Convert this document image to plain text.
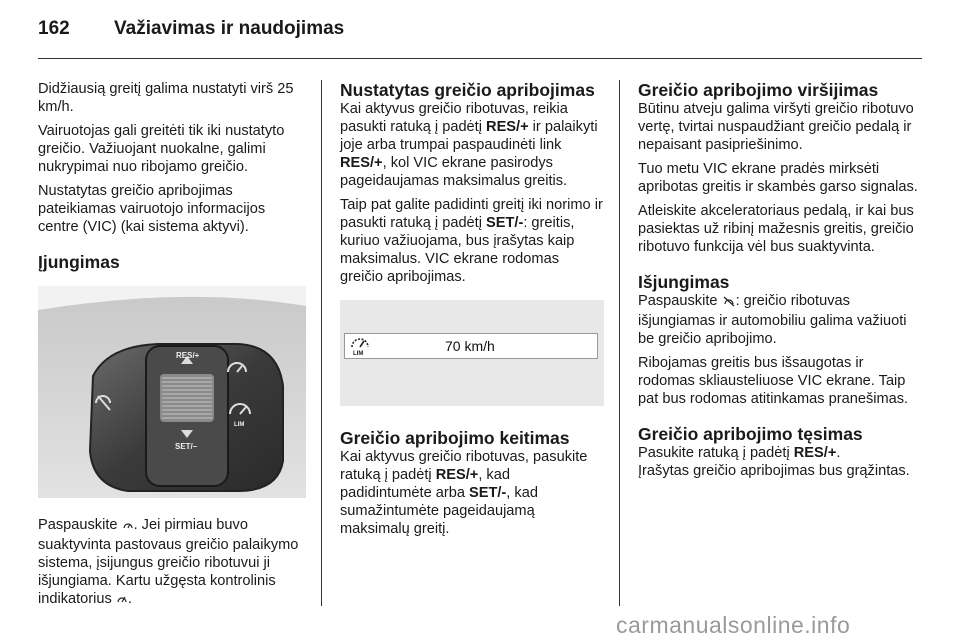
162 Važiavimas ir naudojimas

Didžiausią greitį galima nustatyti virš 25 km/h.

Vairuotojas gali greitėti tik iki nustatyto greičio. Važiuojant nuokalne, galimi nukrypimai nuo ribojamo greičio.

Nustatytas greičio apribojimas pateikiamas vairuotojo informacijos centre (VIC) (kai sistema aktyvi).

Įjungimas
RES/+
SET/–
LIM

Paspauskite . Jei pirmiau buvo suaktyvinta pastovaus greičio palaikymo sistema, įsijungus greičio ribotuvui ji išjungiama. Kartu užgęsta kontrolinis indikatorius .

Nustatytas greičio apribojimas

Kai aktyvus greičio ribotuvas, reikia pasukti ratuką į padėtį RES/+ ir palaikyti joje arba trumpai paspaudinėti link RES/+, kol VIC ekrane pasirodys pageidaujamas maksimalus greitis.

Taip pat galite padidinti greitį iki norimo ir pasukti ratuką į padėtį SET/-: greitis, kuriuo važiuojama, bus įrašytas kaip maksimalus. VIC ekrane rodomas greičio apribojimas.

LIM	70 km/h
Greičio apribojimo keitimas

Kai aktyvus greičio ribotuvas, pasukite ratuką į padėtį RES/+, kad padidintumėte arba SET/-, kad sumažintumėte pageidaujamą maksimalų greitį.

Greičio apribojimo viršijimas

Būtinu atveju galima viršyti greičio ribotuvo vertę, tvirtai nuspaudžiant greičio pedalą ir nepaisant pasipriešinimo.

Tuo metu VIC ekrane pradės mirksėti apribotas greitis ir skambės garso signalas.

Atleiskite akceleratoriaus pedalą, ir kai bus pasiektas už ribinį mažesnis greitis, greičio ribotuvo funkcija vėl bus suaktyvinta.

Išjungimas

Paspauskite : greičio ribotuvas išjungiamas ir automobiliu galima važiuoti be greičio apribojimo.

Ribojamas greitis bus išsaugotas ir rodomas skliausteliuose VIC ekrane. Taip pat bus rodomas atitinkamas pranešimas.

Greičio apribojimo tęsimas

Pasukite ratuką į padėtį RES/+.

Įrašytas greičio apribojimas bus grąžintas.

carmanualsonline.info
